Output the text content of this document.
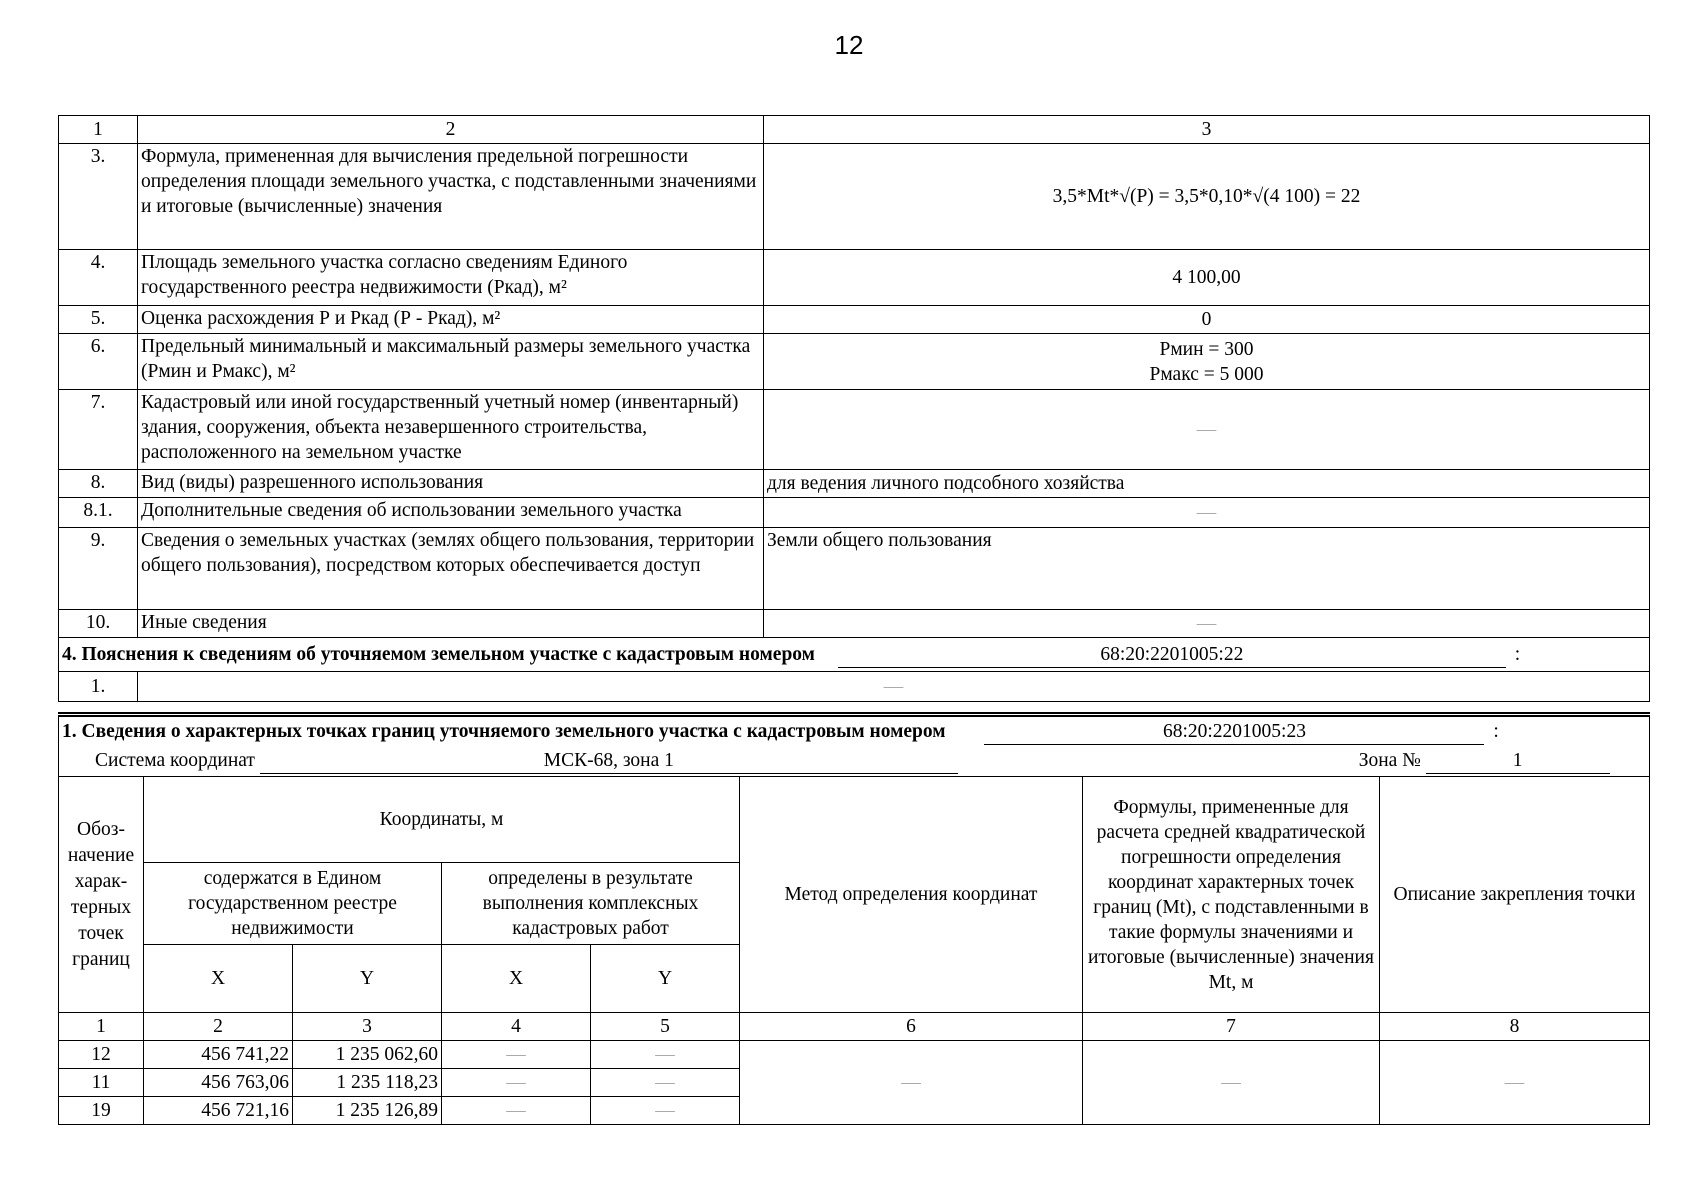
12
1	2	3
3.	Формула, примененная для вычисления предельной погрешности определения площади земельного участка, с подставленными значениями и итоговые (вычисленные) значения	3,5*Mt*√(P) = 3,5*0,10*√(4 100) = 22
4.	Площадь земельного участка согласно сведениям Единого государственного реестра недвижимости (Ркад), м²	4 100,00
5.	Оценка расхождения Р и Ркад (Р - Ркад), м²	0
6.	Предельный минимальный и максимальный размеры земельного участка (Рмин и Рмакс), м²	Рмин = 300
Рмакс = 5 000

7.	Кадастровый или иной государственный учетный номер (инвентарный) здания, сооружения, объекта незавершенного строительства, расположенного на земельном участке	—
8.	Вид (виды) разрешенного использования	для ведения личного подсобного хозяйства
8.1.	Дополнительные сведения об использовании земельного участка	—
9.	Сведения о земельных участках (землях общего пользования, территории общего пользования), посредством которых обеспечивается доступ	Земли общего пользования
10.	Иные сведения	—
4. Пояснения к сведениям об уточняемом земельном участке с кадастровым номером 68:20:2201005:22 :		
1.	—	
1. Сведения о характерных точках границ уточняемого земельного участка с кадастровым номером 68:20:2201005:23 :							
Система координат МСК-68, зона 1 Зона № 1							
Обоз-начение харак-терных точек границ	Координаты, м				Метод определения координат	Формулы, примененные для расчета средней квадратической погрешности определения координат характерных точек границ (Mt), с подставленными в такие формулы значениями и итоговые (вычисленные) значения Mt, м	Описание закрепления точки
	содержатся в Едином государственном реестре недвижимости		определены в результате выполнения комплексных кадастровых работ				
	X	Y	X	Y			
1	2	3	4	5	6	7	8
12	456 741,22	1 235 062,60	—	—	—	—	—
11	456 763,06	1 235 118,23	—	—			
19	456 721,16	1 235 126,89	—	—			
